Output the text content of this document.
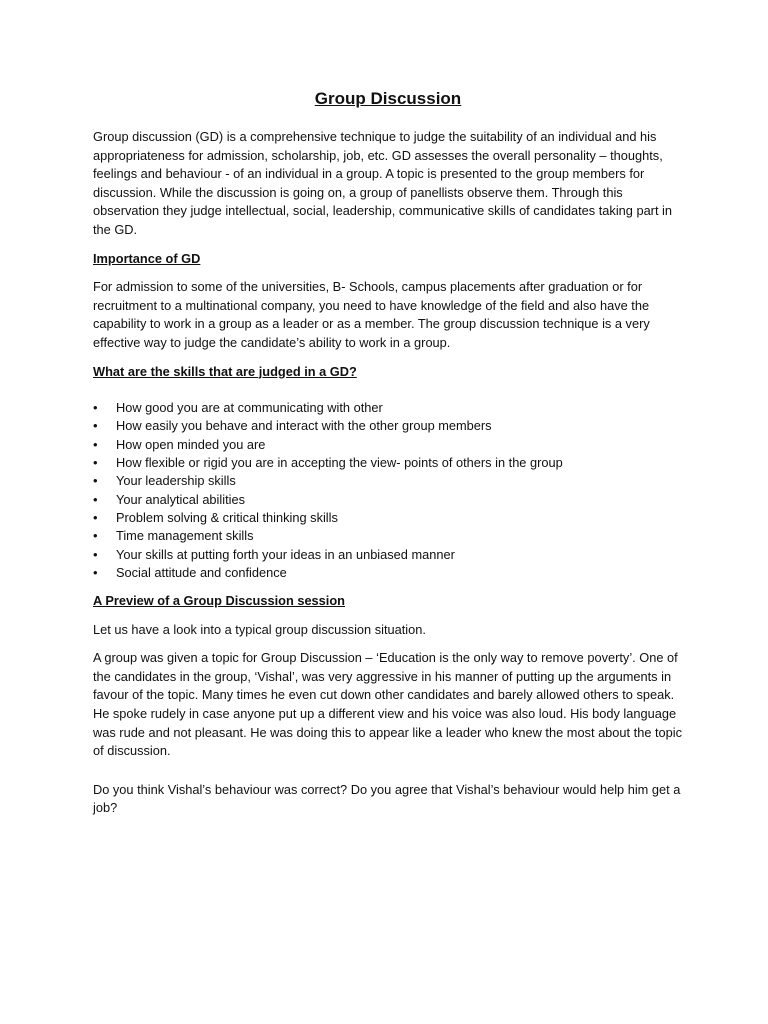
Group Discussion

Group discussion (GD) is a comprehensive technique to judge the suitability of an individual and his appropriateness for admission, scholarship, job, etc. GD assesses the overall personality – thoughts, feelings and behaviour - of an individual in a group. A topic is presented to the group members for discussion. While the discussion is going on, a group of panellists observe them. Through this observation they judge intellectual, social, leadership, communicative skills of candidates taking part in the GD.

Importance of GD

For admission to some of the universities, B- Schools, campus placements after graduation or for recruitment to a multinational company, you need to have knowledge of the field and also have the capability to work in a group as a leader or as a member. The group discussion technique is a very effective way to judge the candidate’s ability to work in a group.

What are the skills that are judged in a GD?
•	How good you are at communicating with other
•	How easily you behave and interact with the other group members
•	How open minded you are
•	How flexible or rigid you are in accepting the view- points of others in the group
•	Your leadership skills
•	Your analytical abilities
•	Problem solving & critical thinking skills
•	Time management skills
•	Your skills at putting forth your ideas in an unbiased manner
•	Social attitude and confidence
A Preview of a Group Discussion session

Let us have a look into a typical group discussion situation.

A group was given a topic for Group Discussion – ‘Education is the only way to remove poverty’. One of the candidates in the group, ‘Vishal’, was very aggressive in his manner of putting up the arguments in favour of the topic. Many times he even cut down other candidates and barely allowed others to speak. He spoke rudely in case anyone put up a different view and his voice was also loud. His body language was rude and not pleasant. He was doing this to appear like a leader who knew the most about the topic of discussion.

Do you think Vishal’s behaviour was correct? Do you agree that Vishal’s behaviour would help him get a job?
